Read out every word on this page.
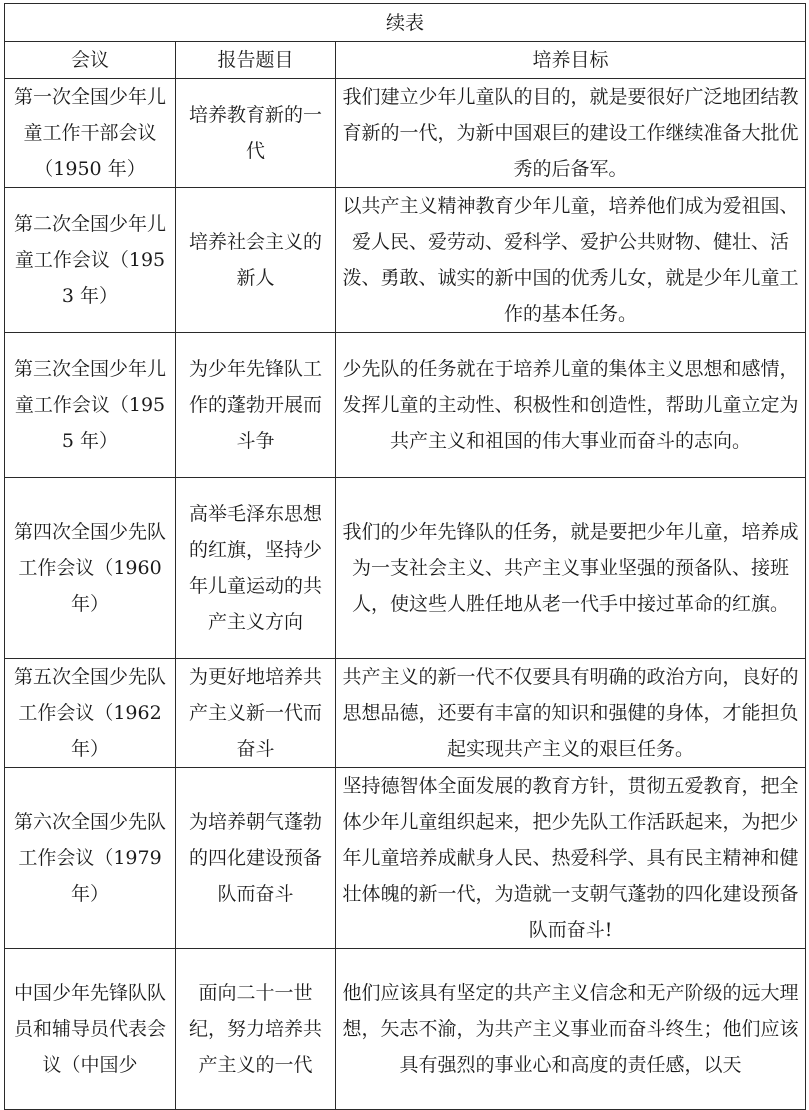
续表		
会议	报告题目	培养目标
第一次全国少年儿童工作干部会议（1950 年）	培养教育新的一代	我们建立少年儿童队的目的，就是要很好广泛地团结教育新的一代，为新中国艰巨的建设工作继续准备大批优秀的后备军。
第二次全国少年儿童工作会议（1953 年）	培养社会主义的新人	以共产主义精神教育少年儿童，培养他们成为爱祖国、爱人民、爱劳动、爱科学、爱护公共财物、健壮、活泼、勇敢、诚实的新中国的优秀儿女，就是少年儿童工作的基本任务。
第三次全国少年儿童工作会议（1955 年）	为少年先锋队工作的蓬勃开展而斗争	少先队的任务就在于培养儿童的集体主义思想和感情，发挥儿童的主动性、积极性和创造性，帮助儿童立定为共产主义和祖国的伟大事业而奋斗的志向。
第四次全国少先队工作会议（1960 年）	高举毛泽东思想的红旗，坚持少年儿童运动的共产主义方向	我们的少年先锋队的任务，就是要把少年儿童，培养成为一支社会主义、共产主义事业坚强的预备队、接班人，使这些人胜任地从老一代手中接过革命的红旗。
第五次全国少先队工作会议（1962 年）	为更好地培养共产主义新一代而奋斗	共产主义的新一代不仅要具有明确的政治方向，良好的思想品德，还要有丰富的知识和强健的身体，才能担负起实现共产主义的艰巨任务。
第六次全国少先队工作会议（1979 年）	为培养朝气蓬勃的四化建设预备队而奋斗	坚持德智体全面发展的教育方针，贯彻五爱教育，把全体少年儿童组织起来，把少先队工作活跃起来，为把少年儿童培养成献身人民、热爱科学、具有民主精神和健壮体魄的新一代，为造就一支朝气蓬勃的四化建设预备队而奋斗!
中国少年先锋队队员和辅导员代表会议（中国少	面向二十一世纪，努力培养共产主义的一代	他们应该具有坚定的共产主义信念和无产阶级的远大理想，矢志不渝，为共产主义事业而奋斗终生；他们应该具有强烈的事业心和高度的责任感，以天
